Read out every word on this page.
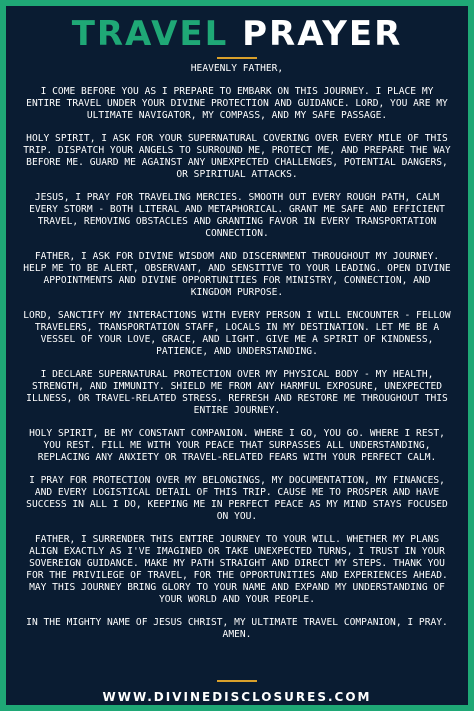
TRAVEL PRAYER

HEAVENLY FATHER,

I COME BEFORE YOU AS I PREPARE TO EMBARK ON THIS JOURNEY. I PLACE MY ENTIRE TRAVEL UNDER YOUR DIVINE PROTECTION AND GUIDANCE. LORD, YOU ARE MY ULTIMATE NAVIGATOR, MY COMPASS, AND MY SAFE PASSAGE.

HOLY SPIRIT, I ASK FOR YOUR SUPERNATURAL COVERING OVER EVERY MILE OF THIS TRIP. DISPATCH YOUR ANGELS TO SURROUND ME, PROTECT ME, AND PREPARE THE WAY BEFORE ME. GUARD ME AGAINST ANY UNEXPECTED CHALLENGES, POTENTIAL DANGERS, OR SPIRITUAL ATTACKS.

JESUS, I PRAY FOR TRAVELING MERCIES. SMOOTH OUT EVERY ROUGH PATH, CALM EVERY STORM - BOTH LITERAL AND METAPHORICAL. GRANT ME SAFE AND EFFICIENT TRAVEL, REMOVING OBSTACLES AND GRANTING FAVOR IN EVERY TRANSPORTATION CONNECTION.

FATHER, I ASK FOR DIVINE WISDOM AND DISCERNMENT THROUGHOUT MY JOURNEY. HELP ME TO BE ALERT, OBSERVANT, AND SENSITIVE TO YOUR LEADING. OPEN DIVINE APPOINTMENTS AND DIVINE OPPORTUNITIES FOR MINISTRY, CONNECTION, AND KINGDOM PURPOSE.

LORD, SANCTIFY MY INTERACTIONS WITH EVERY PERSON I WILL ENCOUNTER - FELLOW TRAVELERS, TRANSPORTATION STAFF, LOCALS IN MY DESTINATION. LET ME BE A VESSEL OF YOUR LOVE, GRACE, AND LIGHT. GIVE ME A SPIRIT OF KINDNESS, PATIENCE, AND UNDERSTANDING.

I DECLARE SUPERNATURAL PROTECTION OVER MY PHYSICAL BODY - MY HEALTH, STRENGTH, AND IMMUNITY. SHIELD ME FROM ANY HARMFUL EXPOSURE, UNEXPECTED ILLNESS, OR TRAVEL-RELATED STRESS. REFRESH AND RESTORE ME THROUGHOUT THIS ENTIRE JOURNEY.

HOLY SPIRIT, BE MY CONSTANT COMPANION. WHERE I GO, YOU GO. WHERE I REST, YOU REST. FILL ME WITH YOUR PEACE THAT SURPASSES ALL UNDERSTANDING, REPLACING ANY ANXIETY OR TRAVEL-RELATED FEARS WITH YOUR PERFECT CALM.

I PRAY FOR PROTECTION OVER MY BELONGINGS, MY DOCUMENTATION, MY FINANCES, AND EVERY LOGISTICAL DETAIL OF THIS TRIP. CAUSE ME TO PROSPER AND HAVE SUCCESS IN ALL I DO, KEEPING ME IN PERFECT PEACE AS MY MIND STAYS FOCUSED ON YOU.

FATHER, I SURRENDER THIS ENTIRE JOURNEY TO YOUR WILL. WHETHER MY PLANS ALIGN EXACTLY AS I'VE IMAGINED OR TAKE UNEXPECTED TURNS, I TRUST IN YOUR SOVEREIGN GUIDANCE. MAKE MY PATH STRAIGHT AND DIRECT MY STEPS. THANK YOU FOR THE PRIVILEGE OF TRAVEL, FOR THE OPPORTUNITIES AND EXPERIENCES AHEAD. MAY THIS JOURNEY BRING GLORY TO YOUR NAME AND EXPAND MY UNDERSTANDING OF YOUR WORLD AND YOUR PEOPLE.

IN THE MIGHTY NAME OF JESUS CHRIST, MY ULTIMATE TRAVEL COMPANION, I PRAY. AMEN.

WWW.DIVINEDISCLOSURES.COM
